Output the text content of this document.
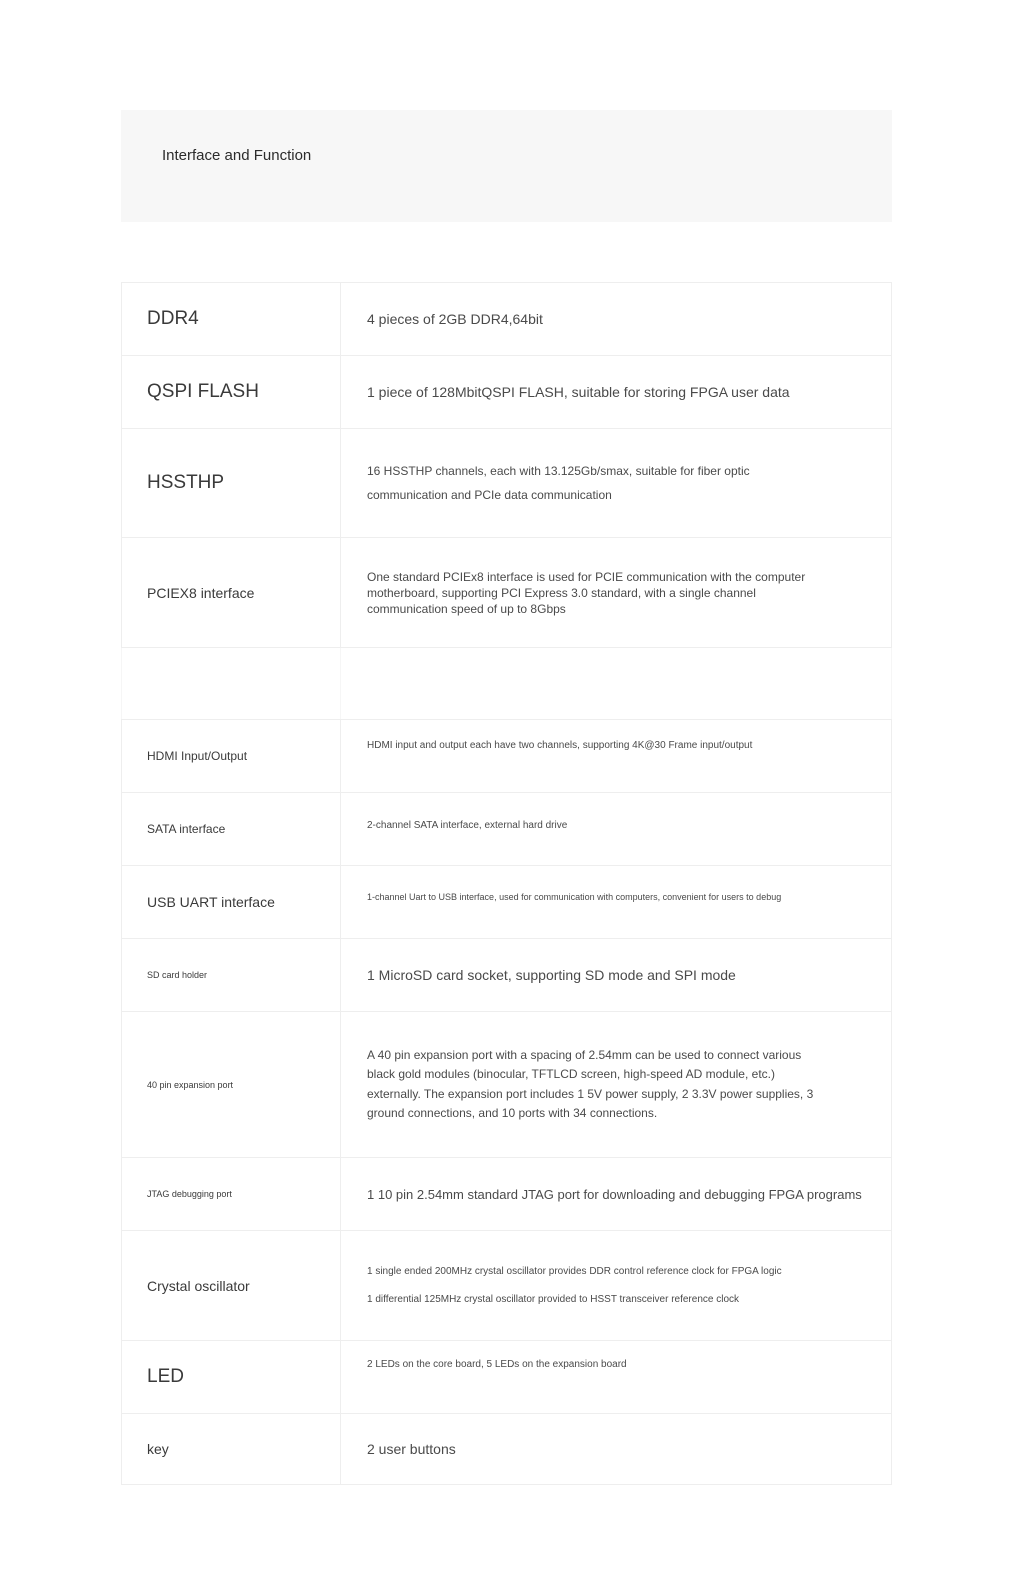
Interface and Function
DDR4	4 pieces of 2GB DDR4,64bit

QSPI FLASH	1 piece of 128MbitQSPI FLASH, suitable for storing FPGA user data

HSSTHP	16 HSSTHP channels, each with 13.125Gb/smax, suitable for fiber optic
communication and PCIe data communication

PCIEX8 interface	One standard PCIEx8 interface is used for PCIE communication with the computer motherboard, supporting PCI Express 3.0 standard, with a single channel communication speed of up to 8Gbps

HDMI Input/Output	HDMI input and output each have two channels, supporting 4K@30 Frame input/output

SATA interface	2-channel SATA interface, external hard drive

USB UART interface	1-channel Uart to USB interface, used for communication with computers, convenient for users to debug

SD card holder	1 MicroSD card socket, supporting SD mode and SPI mode

40 pin expansion port	A 40 pin expansion port with a spacing of 2.54mm can be used to connect various black gold modules (binocular, TFTLCD screen, high-speed AD module, etc.) externally. The expansion port includes 1 5V power supply, 2 3.3V power supplies, 3 ground connections, and 10 ports with 34 connections.

JTAG debugging port	1 10 pin 2.54mm standard JTAG port for downloading and debugging FPGA programs

Crystal oscillator	1 single ended 200MHz crystal oscillator provides DDR control reference clock for FPGA logic
1 differential 125MHz crystal oscillator provided to HSST transceiver reference clock

LED	2 LEDs on the core board, 5 LEDs on the expansion board

key	2 user buttons
